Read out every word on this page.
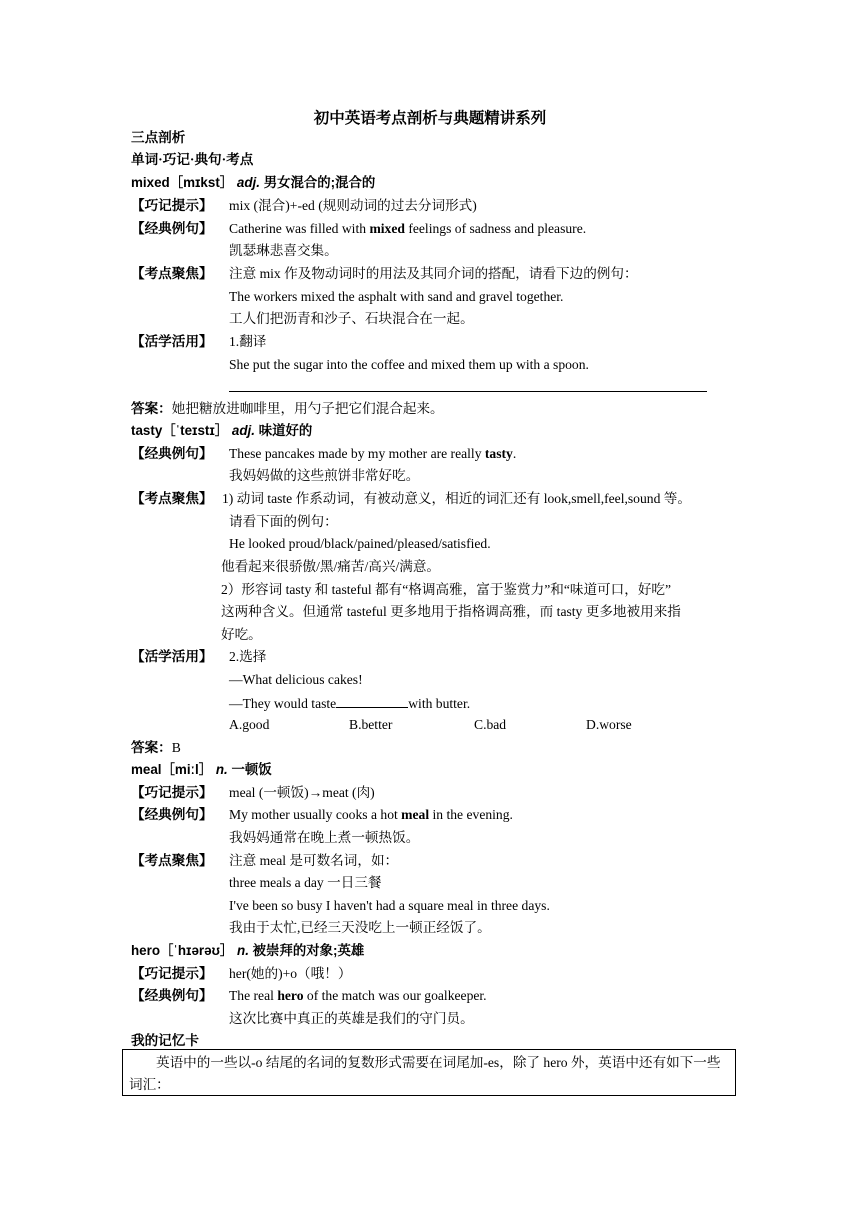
初中英语考点剖析与典题精讲系列
三点剖析
单词·巧记·典句·考点
mixed［mɪkst］ adj. 男女混合的;混合的
【巧记提示】 mix (混合)+-ed (规则动词的过去分词形式)
【经典例句】 Catherine was filled with mixed feelings of sadness and pleasure.
凯瑟琳悲喜交集。
【考点聚焦】 注意 mix 作及物动词时的用法及其同介词的搭配，请看下边的例句：
The workers mixed the asphalt with sand and gravel together.
工人们把沥青和沙子、石块混合在一起。
【活学活用】 1.翻译
She put the sugar into the coffee and mixed them up with a spoon.
答案：她把糖放进咖啡里，用勺子把它们混合起来。
tasty［ˈteɪstɪ］ adj. 味道好的
【经典例句】 These pancakes made by my mother are really tasty.
我妈妈做的这些煎饼非常好吃。
【考点聚焦】 1) 动词 taste 作系动词，有被动意义，相近的词汇还有 look,smell,feel,sound 等。
请看下面的例句：
He looked proud/black/pained/pleased/satisfied.
他看起来很骄傲/黑/痛苦/高兴/满意。
2）形容词 tasty 和 tasteful 都有“格调高雅，富于鉴赏力”和“味道可口，好吃”
这两种含义。但通常 tasteful 更多地用于指格调高雅，而 tasty 更多地被用来指
好吃。
【活学活用】 2.选择
—What delicious cakes!
—They would taste	with butter.
A.good	B.better	C.bad	D.worse
答案：B
meal［miːl］ n. 一顿饭
【巧记提示】 meal (一顿饭)→meat (肉)
【经典例句】 My mother usually cooks a hot meal in the evening.
我妈妈通常在晚上煮一顿热饭。
【考点聚焦】 注意 meal 是可数名词，如：
three meals a day 一日三餐
I've been so busy I haven't had a square meal in three days.
我由于太忙,已经三天没吃上一顿正经饭了。
hero［ˈhɪərəʊ］ n. 被崇拜的对象;英雄
【巧记提示】 her(她的)+o（哦！）
【经典例句】 The real hero of the match was our goalkeeper.
这次比赛中真正的英雄是我们的守门员。
我的记忆卡
英语中的一些以-o 结尾的名词的复数形式需要在词尾加-es，除了 hero 外，英语中还有如下一些词汇：
